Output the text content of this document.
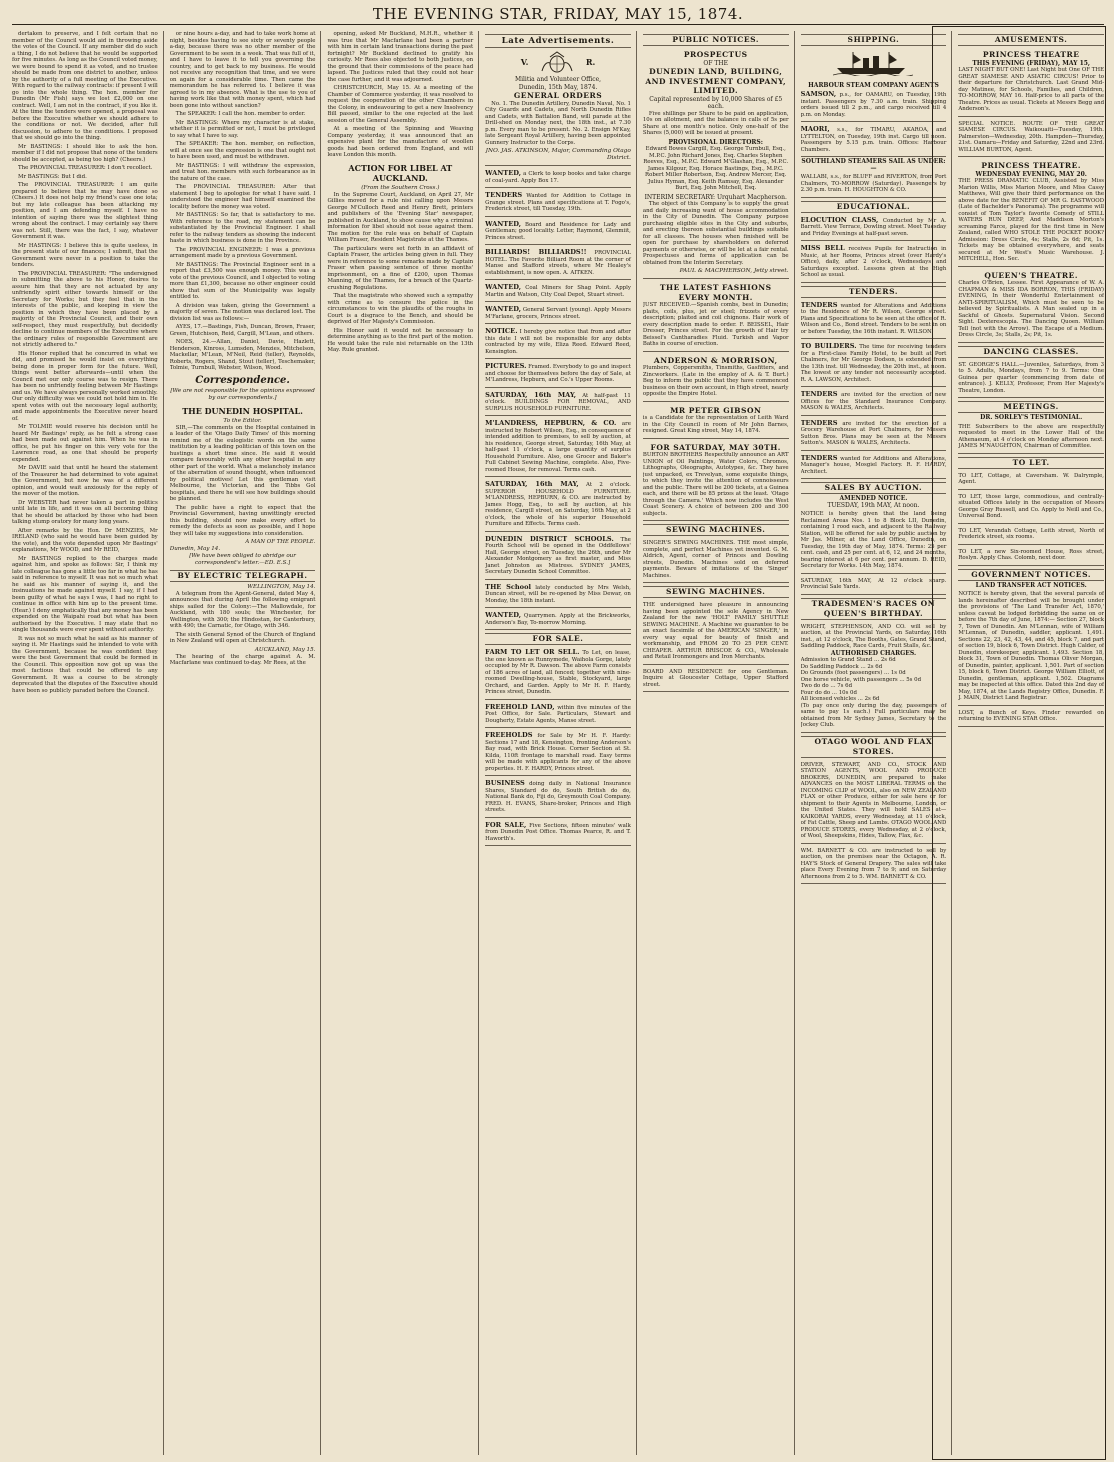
THE EVENING STAR, FRIDAY, MAY 15, 1874.

dertaken to preserve, and I felt certain that no member of the Council would aid in throwing aside the votes of the Council. If any member did do such a thing, I do not believe that he would be supported for five minutes. As long as the Council voted money, we were bound to spend it as voted, and no trustee should be made from one district to another, unless by the authority of a full meeting of the Executive. With regard to the railway contracts: if present I will go into the whole thing. The hon. member for Dunedin (Mr Fish) says we lost £2,000 on one contract. Well, I am not in the contract, if you like it. At the time the tenders were opened, a proposal was before the Executive whether we should adhere to the conditions or not. We decided, after full discussion, to adhere to the conditions. I proposed that we should go into the thing.

Mr BASTINGS: I should like to ask the hon. member if I did not propose that none of the tenders should be accepted, as being too high? (Cheers.)

The PROVINCIAL TREASURER: I don't recollect.

Mr BASTINGS: But I did.

The PROVINCIAL TREASURER: I am quite prepared to believe that he may have done so (Cheers.) It does not help my friend's case one iota; but my late colleague has been attacking my position, and I am defending myself. I have no intention of saying there was the slightest thing wrong about the contract. I may certainly say there was not. Still, there was the fact, I say, whatever Government it was.

Mr HASTINGS: I believe this is quite useless, in the present state of our finances; I submit, that the Government were never in a position to take the tenders.

The PROVINCIAL TREASURER: "The undersigned in submitting the above to his Honor, desires to assure him that they are not actuated by any unfriendly spirit either towards himself or the Secretary for Works; but they feel that in the interests of the public, and keeping in view the position in which they have been placed by a majority of the Provincial Council, and their own self-respect, they must respectfully, but decidedly decline to continue members of the Executive where the ordinary rules of responsible Government are not strictly adhered to."

His Honor replied that he concurred in what we did, and promised he would insist on everything being done in proper form for the future. Well, things went better afterwards—until when the Council met our only course was to resign. There has been no unfriendly feeling between Mr Hastings and us. We have always personally worked smoothly. Our only difficulty was we could not hold him in. He spent votes with out the necessary legal authority, and made appointments the Executive never heard of.

Mr TOLMIE would reserve his decision until he heard Mr Bastings' reply, as he felt a strong case had been made out against him. When he was in office, he put his finger on this very vote for the Lawrence road, as one that should be properly expended.

Mr DAVIE said that until he heard the statement of the Treasurer he had determined to vote against the Government, but now he was of a different opinion, and would wait anxiously for the reply of the mover of the motion.

Dr WEBSTER had never taken a part in politics until late in life, and it was on all becoming thing that he should be attacked by those who had been talking stump oratory for many long years.

After remarks by the Hon. Dr MENZIES, Mr IRELAND (who said he would have been guided by the vote), and the vote depended upon Mr Bastings' explanations, Mr WOOD, and Mr REID,

Mr BASTINGS replied to the charges made against him, and spoke as follows: Sir, I think my late colleague has gone a little too far in what he has said in reference to myself. It was not so much what he said as his manner of saying it, and the insinuations he made against myself. I say, if I had been guilty of what he says I was, I had no right to continue in office with him up to the present time. (Hear.) I deny emphatically that any money has been expended on the Waipahi road but what has been authorised by the Executive. I may state that no single thousands were ever spent without authority.

It was not so much what he said as his manner of saying it. Mr Hastings said he intended to vote with the Government, because he was confident they were the best Government that could be formed in the Council. This opposition now got up was the most factious that could be offered to any Government. It was a course to be strongly deprecated that the disputes of the Executive should have been so publicly paraded before the Council.

or nine hours a-day, and had to take work home at night, besides having to see sixty or seventy people a-day, because there was no other member of the Government to be seen in a week. That was full of it, and I have to leave it to tell you governing the country, and to get back to my business. He would not receive any recognition that time, and we were on again for a considerable time. Then came the memorandum he has referred to. I believe it was agreed to in my absence. What is the use to you of having work like that with money spent, which had been gone into without sanction?

The SPEAKER: I call the hon. member to order.

Mr BASTINGS: Where my character is at stake, whether it is permitted or not, I must be privileged to say what I have to say.

The SPEAKER: The hon. member, on reflection, will at once see the expression is one that ought not to have been used, and must be withdrawn.

Mr BASTINGS: I will withdraw the expression, and treat hon. members with such forbearance as in the nature of the case.

The PROVINCIAL TREASURER: After that statement I beg to apologise for what I have said. I understood the engineer had himself examined the locality before the money was voted.

Mr BASTINGS: So far, that is satisfactory to me. With reference to the road, my statement can be substantiated by the Provincial Engineer. I shall refer to the railway tenders as showing the indecent haste in which business is done in the Province.

The PROVINCIAL ENGINEER: I was a previous arrangement made by a previous Government.

Mr BASTINGS: The Provincial Engineer sent in a report that £3,500 was enough money. This was a vote of the previous Council, and I objected to voting more than £1,300, because no other engineer could show that sum of the Municipality was legally entitled to.

A division was taken, giving the Government a majority of seven. The motion was declared lost. The division list was as follows:—

AYES, 17.—Bastings, Fish, Duncan, Brown, Fraser, Green, Hutchison, Reid, Cargill, M'Lean, and others.

NOES, 24.—Allan, Daniel, Davie, Hazlett, Henderson, Kinross, Lumsden, Menzies, Mitchelson, Mackellar, M'Lean, M'Neil, Reid (teller), Reynolds, Roberts, Rogers, Shand, Stout (teller), Teschemaker, Tolmie, Turnbull, Webster, Wilson, Wood.

Correspondence.
[We are not responsible for the opinions expressed by our correspondents.]
THE DUNEDIN HOSPITAL.
To the Editor.

SIR,—The comments on the Hospital contained in a leader of the 'Otago Daily Times' of this morning remind me of the eulogistic words on the same institution by a leading politician of this town on the hustings a short time since. He said it would compare favourably with any other hospital in any other part of the world. What a melancholy instance of the aberration of sound thought, when influenced by political motives! Let this gentleman visit Melbourne, the Victorian, and the Tibbs Gol hospitals, and there he will see how buildings should be planned.

The public have a right to expect that the Provincial Government, having unwittingly erected this building, should now make every effort to remedy the defects as soon as possible, and I hope they will take my suggestions into consideration.

A MAN OF THE PEOPLE.
Dunedin, May 14.
[We have been obliged to abridge our correspondent's letter.—ED. E.S.]
BY ELECTRIC TELEGRAPH.
WELLINGTON, May 14.

A telegram from the Agent-General, dated May 4, announces that during April the following emigrant ships sailed for the Colony:—The Mallowdale, for Auckland, with 180 souls; the Winchester, for Wellington, with 300; the Hindostan, for Canterbury, with 490; the Carnatic, for Otago, with 346.

The sixth General Synod of the Church of England in New Zealand will open at Christchurch.

AUCKLAND, May 15.

The hearing of the charge against A. M. Macfarlane was continued to-day. Mr Rees, at the

opening, asked Mr Buckland, M.H.R., whether it was true that Mr Macfarlane had been a partner with him in certain land transactions during the past fortnight? Mr Buckland declined to gratify his curiosity. Mr Rees also objected to both Justices, on the ground that their commissions of the peace had lapsed. The Justices ruled that they could not hear the case further, and it was adjourned.

CHRISTCHURCH, May 15. At a meeting of the Chamber of Commerce yesterday, it was resolved to request the cooperation of the other Chambers in the Colony, in endeavouring to get a new Insolvency Bill passed, similar to the one rejected at the last session of the General Assembly.

At a meeting of the Spinning and Weaving Company yesterday, it was announced that an expensive plant for the manufacture of woollen goods had been ordered from England, and will leave London this month.

ACTION FOR LIBEL AT AUCKLAND.
(From the Southern Cross.)

In the Supreme Court, Auckland, on April 27, Mr Gillies moved for a rule nisi calling upon Messrs George M'Culloch Reed and Henry Brett, printers and publishers of the 'Evening Star' newspaper, published in Auckland, to show cause why a criminal information for libel should not issue against them. The motion for the rule was on behalf of Captain William Fraser, Resident Magistrate at the Thames.

The particulars were set forth in an affidavit of Captain Fraser, the articles being given in full. They were in reference to some remarks made by Captain Fraser when passing sentence of three months' imprisonment, on a fine of £200, upon Thomas Manning, of the Thames, for a breach of the Quartz-crushing Regulations.

That the magistrate who showed such a sympathy with crime as to censure the police in the circumstances to win the plaudits of the roughs in Court is a disgrace to the Bench, and should be deprived of Her Majesty's Commission.

His Honor said it would not be necessary to determine anything as to the first part of the motion. He would take the rule nisi returnable on the 13th May. Rule granted.

Late Advertisements.
V.	R.
Militia and Volunteer Office,
Dunedin, 15th May, 1874.
GENERAL ORDERS

No. 1. The Dunedin Artillery, Dunedin Naval, No. 1 City Guards and Cadets, and North Dunedin Rifles and Cadets, with Battalion Band, will parade at the Drill-shed on Monday next, the 18th inst., at 7.30 p.m. Every man to be present. No. 2. Ensign M'Kay, late Sergeant Royal Artillery, having been appointed Gunnery Instructor to the Corps.

JNO. JAS. ATKINSON, Major, Commanding Otago District.
WANTED, a Clerk to keep books and take charge of coal-yard. Apply Box 17.
TENDERS Wanted for Addition to Cottage in Grange street. Plans and specifications at T. Fogo's, Frederick street, till Tuesday, 19th.
WANTED, Board and Residence for Lady and Gentleman; good locality. Letter, Raymond, Glenmiit, Princes street.
BILLIARDS! BILLIARDS!! PROVINCIAL HOTEL. The Favorite Billiard Room at the corner of Manse and Stafford streets, where Mr Healey's establishment, is now open. A. AITKEN.
WANTED, Coal Miners for Shag Point. Apply Martin and Watson, City Coal Depot, Stuart street.
WANTED, General Servant (young). Apply Messrs M'Farlane, grocers, Princes street.
NOTICE. I hereby give notice that from and after this date I will not be responsible for any debts contracted by my wife, Eliza Reed. Edward Reed, Kensington.
PICTURES. Framed. Everybody to go and inspect and choose for themselves before the day of Sale, at M'Landress, Hepburn, and Co.'s Upper Rooms.
SATURDAY, 16th MAY, At half-past 11 o'clock. BUILDINGS FOR REMOVAL, AND SURPLUS HOUSEHOLD FURNITURE.
M'LANDRESS, HEPBURN, & CO. are instructed by Robert Wilson, Esq., in consequence of intended addition to premises, to sell by auction, at his residence, George street, Saturday, 16th May, at half-past 11 o'clock, a large quantity of surplus Household Furniture. Also, one Grocer and Baker's Full Cabinet Sewing Machine, complete. Also, Five-roomed House, for removal. Terms cash.
SATURDAY, 16th MAY, At 2 o'clock. SUPERIOR HOUSEHOLD FURNITURE. M'LANDRESS, HEPBURN, & CO. are instructed by James Hogg, Esq., to sell by auction, at his residence, Cargill street, on Saturday, 16th May, at 2 o'clock, the whole of his superior Household Furniture and Effects. Terms cash.
DUNEDIN DISTRICT SCHOOLS. The Fourth School will be opened in the Oddfellows' Hall, George street, on Tuesday, the 26th, under Mr Alexander Montgomery as first master, and Miss Janet Johnston as Mistress. SYDNEY JAMES, Secretary Dunedin School Committee.
THE School lately conducted by Mrs Welsh, Duncan street, will be re-opened by Miss Dewar, on Monday, the 18th instant.
WANTED, Quarrymen. Apply at the Brickworks, Anderson's Bay, To-morrow Morning.
FOR SALE.
FARM TO LET OR SELL. To Let, on lease, the one known as Runnymede, Waihola Gorge, lately occupied by Mr R. Dawson. The above Farm consists of 186 acres of land, all fenced; together with nine-roomed Dwelling-house, Stable, Stockyard, large Orchard, and Garden. Apply to Mr H. F. Hardy, Princes street, Dunedin.
FREEHOLD LAND, within five minutes of the Post Office, for Sale. Particulars, Stewart and Dougherty, Estate Agents, Manse street.
FREEHOLDS for Sale by Mr H. F. Hardy: Sections 17 and 18, Kensington, fronting Anderson's Bay road, with Brick House. Corner Section at St. Kilda, 110ft frontage to marshall road. Easy terms will be made with applicants for any of the above properties. H. F. HARDY, Princes street.
BUSINESS doing daily in National Insurance Shares, Standard do do, South British do do, National Bank do, Fiji do, Greymouth Coal Company. FRED. H. EVANS, Share-broker, Princes and High streets.
FOR SALE, Five Sections, fifteen minutes' walk from Dunedin Post Office. Thomas Pearce, R. and T. Haworth's.
PUBLIC NOTICES.
PROSPECTUS
OF THE
DUNEDIN LAND, BUILDING, AND INVESTMENT COMPANY, LIMITED.
Capital represented by 10,000 Shares of £5 each.

Five shillings per Share to be paid on application, 10s on allotment, and the balance in calls of 5s per Share at one month's notice. Only one-half of the Shares (5,000) will be issued at present.

PROVISIONAL DIRECTORS:

Edward Bowes Cargill, Esq. George Turnbull, Esq., M.P.C. John Richard Jones, Esq. Charles Stephen Reeves, Esq., M.P.C. Edward M'Glashan, Esq., M.P.C. James Kilgour, Esq. Horace Bastings, Esq., M.P.C. Robert Miller Robertson, Esq. Andrew Mercer, Esq. Julius Hyman, Esq. Keith Ramsay, Esq. Alexander Burt, Esq. John Mitchell, Esq.

INTERIM SECRETARY: Urquhart Macpherson.

The object of this Company is to supply the great and daily increasing want of house accommodation in the City of Dunedin. The Company purpose purchasing eligible sites in the City and suburbs, and erecting thereon substantial buildings suitable for all classes. The houses when finished will be open for purchase by shareholders on deferred payments or otherwise, or will be let at a fair rental. Prospectuses and forms of application can be obtained from the Interim Secretary.

PAUL & MACPHERSON, Jetty street.
THE LATEST FASHIONS EVERY MONTH.
JUST RECEIVED.—Spanish combs, best in Dunedin; plaits, coils, plus, jet or steel; frizzets of every description; plaited and coil chignons. Hair work of every description made to order. F. BEISSEL, Hair Dresser, Princes street. For the growth of Hair try Beissel's Cantharadies Fluid. Turkish and Vapor Baths in course of erection.
ANDERSON & MORRISON,
Plumbers, Coppersmiths, Tinsmiths, Gasfitters, and Zincworkers. (Late in the employ of A. & T. Burt.) Beg to inform the public that they have commenced business on their own account, in High street, nearly opposite the Empire Hotel.
MR PETER GIBSON
is a Candidate for the representation of Leith Ward in the City Council in room of Mr John Barnes, resigned. Great King street, May 14, 1874.
FOR SATURDAY, MAY 30TH.
BURTON BROTHERS Respectfully announce an ART UNION of Oil Paintings, Water Colors, Chromos, Lithographs, Oleographs, Autotypes, &c. They have just unpacked, ex Trevelyan, some exquisite things, to which they invite the attention of connoisseurs and the public. There will be 200 tickets, at a Guinea each, and there will be 85 prizes at the least. 'Otago through the Camera.' Which now includes the West Coast Scenery. A choice of between 200 and 300 subjects.
SEWING MACHINES.
SINGER'S SEWING MACHINES. THE most simple, complete, and perfect Machines yet invented. G. M. Aldrich, Agent, corner of Princes and Dowling streets, Dunedin. Machines sold on deferred payments. Beware of imitations of the 'Singer' Machines.
SEWING MACHINES.
THE undersigned have pleasure in announcing having been appointed the sole Agency in New Zealand for the new 'HOLT' FAMILY SHUTTLE SEWING MACHINE. A Machine we guarantee to be an exact facsimile of the AMERICAN 'SINGER,' in every way equal for beauty of finish and workmanship, and FROM 20 TO 25 PER CENT. CHEAPER. ARTHUR BRISCOE & CO., Wholesale and Retail Ironmongers and Iron Merchants.
BOARD AND RESIDENCE for one Gentleman. Inquire at Gloucester Cottage, Upper Stafford street.
SHIPPING.
HARBOUR STEAM COMPANY AGENTS
SAMSON, p.s., for OAMARU, on Tuesday, 19th instant. Passengers by 7.30 a.m. train. Shipping orders issued till 2 p.m., and cargo received till 4 p.m. on Monday.
MAORI, s.s., for TIMARU, AKAROA, and LYTTELTON, on Tuesday, 19th inst. Cargo till noon. Passengers by 5.15 p.m. train. Offices: Harbour Chambers.
SOUTHLAND STEAMERS SAIL AS UNDER:—
WALLABI, s.s., for BLUFF and RIVERTON, from Port Chalmers, TO-MORROW (Saturday). Passengers by 2.30 p.m. train. H. HOUGHTON & CO.
EDUCATIONAL.
ELOCUTION CLASS, Conducted by Mr A. Barrett. View Terrace, Dowling street. Meet Tuesday and Friday Evenings at half-past seven.
MISS BELL receives Pupils for Instruction in Music, at her Rooms, Princes street (over Hardy's Office), daily, after 2 o'clock, Wednesdays and Saturdays excepted. Lessons given at the High School as usual.
TENDERS.
TENDERS wanted for Alterations and Additions to the Residence of Mr R. Wilson, George street. Plans and Specifications to be seen at the office of R. Wilson and Co., Bond street. Tenders to be sent in on or before Tuesday, the 16th instant. R. WILSON.
TO BUILDERS. The time for receiving tenders for a First-class Family Hotel, to be built at Port Chalmers, for Mr George Dodson, is extended from the 13th inst. till Wednesday, the 20th inst., at noon. The lowest or any tender not necessarily accepted. R. A. LAWSON, Architect.
TENDERS are invited for the erection of new Offices for the Standard Insurance Company. MASON & WALES, Architects.
TENDERS are invited for the erection of a Grocery Warehouse at Port Chalmers, for Messrs Sutton Bros. Plans may be seen at the Messrs Sutton's. MASON & WALES, Architects.
TENDERS wanted for Additions and Alterations, Manager's house, Mosgiel Factory. R. F. HARDY, Architect.
SALES BY AUCTION.
AMENDED NOTICE.
TUESDAY, 19th MAY, At noon.
NOTICE is hereby given that the land being Reclaimed Areas Nos. 1 to 8 Block LII, Dunedin, containing 1 rood each, and adjacent to the Railway Station, will be offered for sale by public auction by Mr Jas. Milner, at the Land Office, Dunedin, on Tuesday, the 19th day of May, 1874. Terms: 25 per cent. cash, and 25 per cent. at 6, 12, and 24 months, bearing interest at 6 per cent. per annum. D. REID, Secretary for Works. 14th May, 1874.
SATURDAY, 16th MAY, At 12 o'clock sharp. Provincial Sale Yards.
TRADESMEN'S RACES ON QUEEN'S BIRTHDAY.
WRIGHT, STEPHENSON, AND CO. will sell by auction, at the Provincial Yards, on Saturday, 16th inst., at 12 o'clock, The Booths, Gates, Grand Stand, Saddling Paddock, Race Cards, Fruit Stalls, &c.
AUTHORISED CHARGES.
Admission to Grand Stand ... 2s 6d
Do Saddling Paddock ... 2s 6d
Do Grounds (foot passengers) ... 1s 0d
One horse vehicle, with passengers ... 5s 0d
Two do do ... 7s 6d
Four do do ... 10s 0d
All licensed vehicles ... 2s 6d
(To pay once only during the day, passengers of same to pay 1s each.) Full particulars may be obtained from Mr Sydney James, Secretary to the Jockey Club.
OTAGO WOOL AND FLAX STORES.
DRIVER, STEWART, AND CO., STOCK AND STATION AGENTS, WOOL AND PRODUCE BROKERS, DUNEDIN, are prepared to make ADVANCES on the MOST LIBERAL TERMS on the INCOMING CLIP of WOOL, also on NEW ZEALAND FLAX or other Produce, either for sale here or for shipment to their Agents in Melbourne, London, or the United States. They will hold SALES at—KAIKORAI YARDS, every Wednesday, at 11 o'clock, of Fat Cattle, Sheep and Lambs. OTAGO WOOL AND PRODUCE STORES, every Wednesday, at 2 o'clock, of Wool, Sheepskins, Hides, Tallow, Flax, &c.
WM. BARNETT & CO. are instructed to sell by auction, on the premises near the Octagon, A. R. HAY'S Stock of General Drapery. The sales will take place Every Evening from 7 to 9; and on Saturday Afternoons from 2 to 5. WM. BARNETT & CO.
AMUSEMENTS.
PRINCESS THEATRE
THIS EVENING (FRIDAY), MAY 15,
LAST NIGHT BUT ONE! Last Night but One OF THE GREAT SIAMESE AND ASIATIC CIRCUS! Prior to their departure for Christchurch. Last Grand Mid-day Matinee, for Schools, Families, and Children, TO-MORROW, MAY 16. Half-price to all parts of the Theatre. Prices as usual. Tickets at Messrs Begg and Anderson's.
SPECIAL NOTICE. ROUTE OF THE GREAT SIAMESE CIRCUS. Waikouaiti—Tuesday, 19th. Palmerston—Wednesday, 20th. Hampden—Thursday, 21st. Oamaru—Friday and Saturday, 22nd and 23rd. WILLIAM BURTON, Agent.
PRINCESS THEATRE.
WEDNESDAY EVENING, MAY 20.
THE PRESS DRAMATIC CLUB, Assisted by Miss Marion Willis, Miss Marion Moore, and Miss Cassy Matthews, Will give their third performance on the above date for the BENEFIT OF MR G. EASTWOOD (Late of Bachelder's Panorama). The programme will consist of Tom Taylor's favorite Comedy of STILL WATERS RUN DEEP, And Maddison Morton's screaming Farce, played for the first time in New Zealand, called WHO STOLE THE POCKET BOOK? Admission: Dress Circle, 4s; Stalls, 2s 6d; Pit, 1s. Tickets may be obtained everywhere, and seats secured at Mr West's Music Warehouse. J. MITCHELL, Hon. Sec.
QUEEN'S THEATRE.
Charles O'Brien, Lessee. First Appearance of W. A. CHAPMAN & MISS IDA BORRON, THIS (FRIDAY) EVENING, In their Wonderful Entertainment of ANTI-SPIRITUALISM, Which must be seen to be believed by Spiritualists. A Man sealed up in a Sackful of Ghosts. Supernatural Vision. Second Sight. Dexterescopia. The Dancing Quoen. William Tell (not with the Arrow). The Escape of a Medium. Dress Circle, 3s; Stalls, 2s; Pit, 1s.
DANCING CLASSES.
ST. GEORGE'S HALL.—Juveniles, Saturdays, from 3 to 5. Adults, Mondays, from 7 to 9. Terms: One Guinea per quarter (commencing from date of entrance). J. KELLY, Professor, From Her Majesty's Theatre, London.
MEETINGS.
DR. SORLEY'S TESTIMONIAL.
THE Subscribers to the above are respectfully requested to meet in the Lower Hall of the Athenaeum, at 4 o'clock on Monday afternoon next. JAMES M'NAUGHTON, Chairman of Committee.
TO LET.
TO LET, Cottage, at Caversham. W. Dalrymple, Agent.
TO LET, those large, commodious, and centrally-situated Offices lately in the occupation of Messrs George Gray Russell, and Co. Apply to Neill and Co., Universal Bond.
TO LET, Verandah Cottage, Leith street, North of Frederick street, six rooms.
TO LET, a new Six-roomed House, Ross street, Roslyn. Apply Chas. Colomb, next door.
GOVERNMENT NOTICES.
LAND TRANSFER ACT NOTICES.
NOTICE is hereby given, that the several parcels of lands hereinafter described will be brought under the provisions of 'The Land Transfer Act, 1870,' unless caveat be lodged forbidding the same on or before the 7th day of June, 1874:— Section 27, block 7, Town of Dunedin. Am M'Lennan, wife of William M'Lennan, of Dunedin, saddler, applicant. 1,491. Sections 22, 23, 42, 43, 44, and 45, block 7, and part of section 19, block 6, Town District. Hugh Calder, of Dunedin, storekeeper, applicant. 1,493. Section 18, block 31, Town of Dunedin. Thomas Oliver Morgan, of Dunedin, painter, applicant. 1,501. Part of section 15, block 6, Town District. George William Elliott, of Dunedin, gentleman, applicant. 1,502. Diagrams may be inspected at this office. Dated this 2nd day of May, 1874, at the Lands Registry Office, Dunedin. F. J. MAIN, District Land Registrar.
LOST, a Bunch of Keys. Finder rewarded on returning to EVENING STAR Office.
